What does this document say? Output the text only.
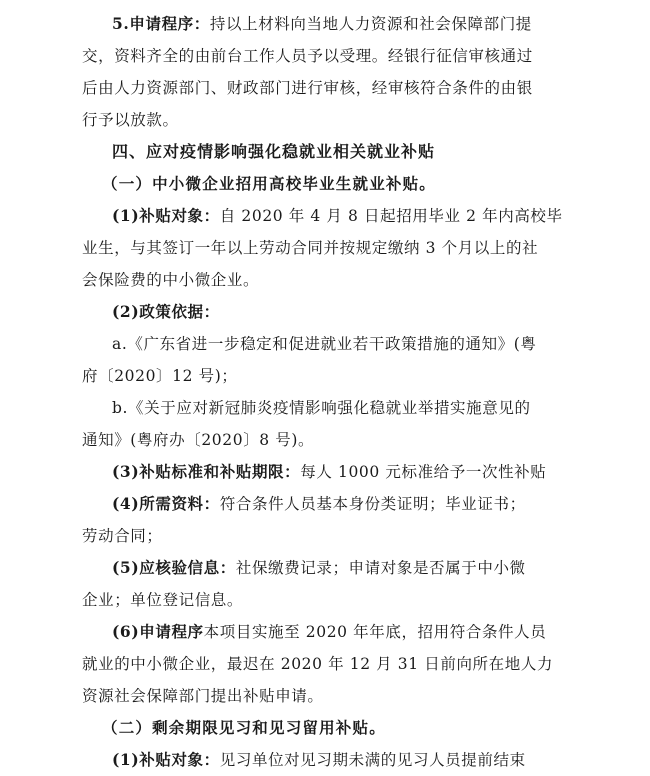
5.申请程序：持以上材料向当地人力资源和社会保障部门提
交，资料齐全的由前台工作人员予以受理。经银行征信审核通过
后由人力资源部门、财政部门进行审核，经审核符合条件的由银
行予以放款。
四、应对疫情影响强化稳就业相关就业补贴
（一）中小微企业招用高校毕业生就业补贴。
(1)补贴对象：自 2020 年 4 月 8 日起招用毕业 2 年内高校毕
业生，与其签订一年以上劳动合同并按规定缴纳 3 个月以上的社
会保险费的中小微企业。
(2)政策依据：
a.《广东省进一步稳定和促进就业若干政策措施的通知》(粤
府〔2020〕12 号)；
b.《关于应对新冠肺炎疫情影响强化稳就业举措实施意见的
通知》(粤府办〔2020〕8 号)。
(3)补贴标准和补贴期限：每人 1000 元标准给予一次性补贴
(4)所需资料：符合条件人员基本身份类证明；毕业证书；
劳动合同；
(5)应核验信息：社保缴费记录；申请对象是否属于中小微
企业；单位登记信息。
(6)申请程序本项目实施至 2020 年年底，招用符合条件人员
就业的中小微企业，最迟在 2020 年 12 月 31 日前向所在地人力
资源社会保障部门提出补贴申请。
（二）剩余期限见习和见习留用补贴。
(1)补贴对象：见习单位对见习期未满的见习人员提前结束
